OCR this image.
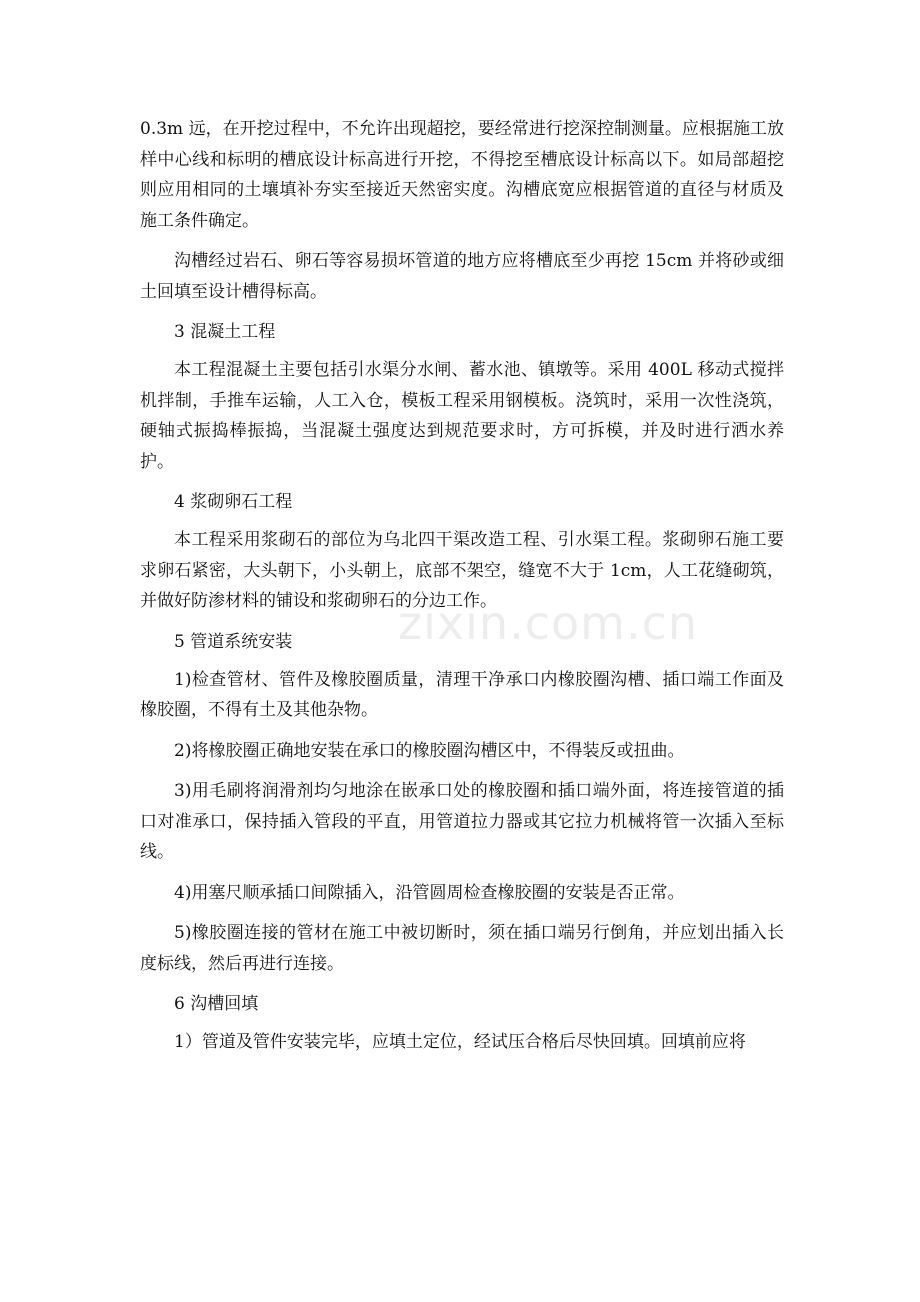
0.3m 远，在开挖过程中，不允许出现超挖，要经常进行挖深控制测量。应根据施工放样中心线和标明的槽底设计标高进行开挖，不得挖至槽底设计标高以下。如局部超挖则应用相同的土壤填补夯实至接近天然密实度。沟槽底宽应根据管道的直径与材质及施工条件确定。

沟槽经过岩石、卵石等容易损坏管道的地方应将槽底至少再挖 15cm 并将砂或细土回填至设计槽得标高。

3 混凝土工程

本工程混凝土主要包括引水渠分水闸、蓄水池、镇墩等。采用 400L 移动式搅拌机拌制，手推车运输，人工入仓，模板工程采用钢模板。浇筑时，采用一次性浇筑，硬轴式振捣棒振捣，当混凝土强度达到规范要求时，方可拆模，并及时进行洒水养护。

4 浆砌卵石工程

本工程采用浆砌石的部位为乌北四干渠改造工程、引水渠工程。浆砌卵石施工要求卵石紧密，大头朝下，小头朝上，底部不架空，缝宽不大于 1cm，人工花缝砌筑，并做好防渗材料的铺设和浆砌卵石的分边工作。

5 管道系统安装

1)检查管材、管件及橡胶圈质量，清理干净承口内橡胶圈沟槽、插口端工作面及橡胶圈，不得有土及其他杂物。

2)将橡胶圈正确地安装在承口的橡胶圈沟槽区中，不得装反或扭曲。

3)用毛刷将润滑剂均匀地涂在嵌承口处的橡胶圈和插口端外面，将连接管道的插口对准承口，保持插入管段的平直，用管道拉力器或其它拉力机械将管一次插入至标线。

4)用塞尺顺承插口间隙插入，沿管圆周检查橡胶圈的安装是否正常。

5)橡胶圈连接的管材在施工中被切断时，须在插口端另行倒角，并应划出插入长度标线，然后再进行连接。

6 沟槽回填

1）管道及管件安装完毕，应填土定位，经试压合格后尽快回填。回填前应将

zixin.com.cn
